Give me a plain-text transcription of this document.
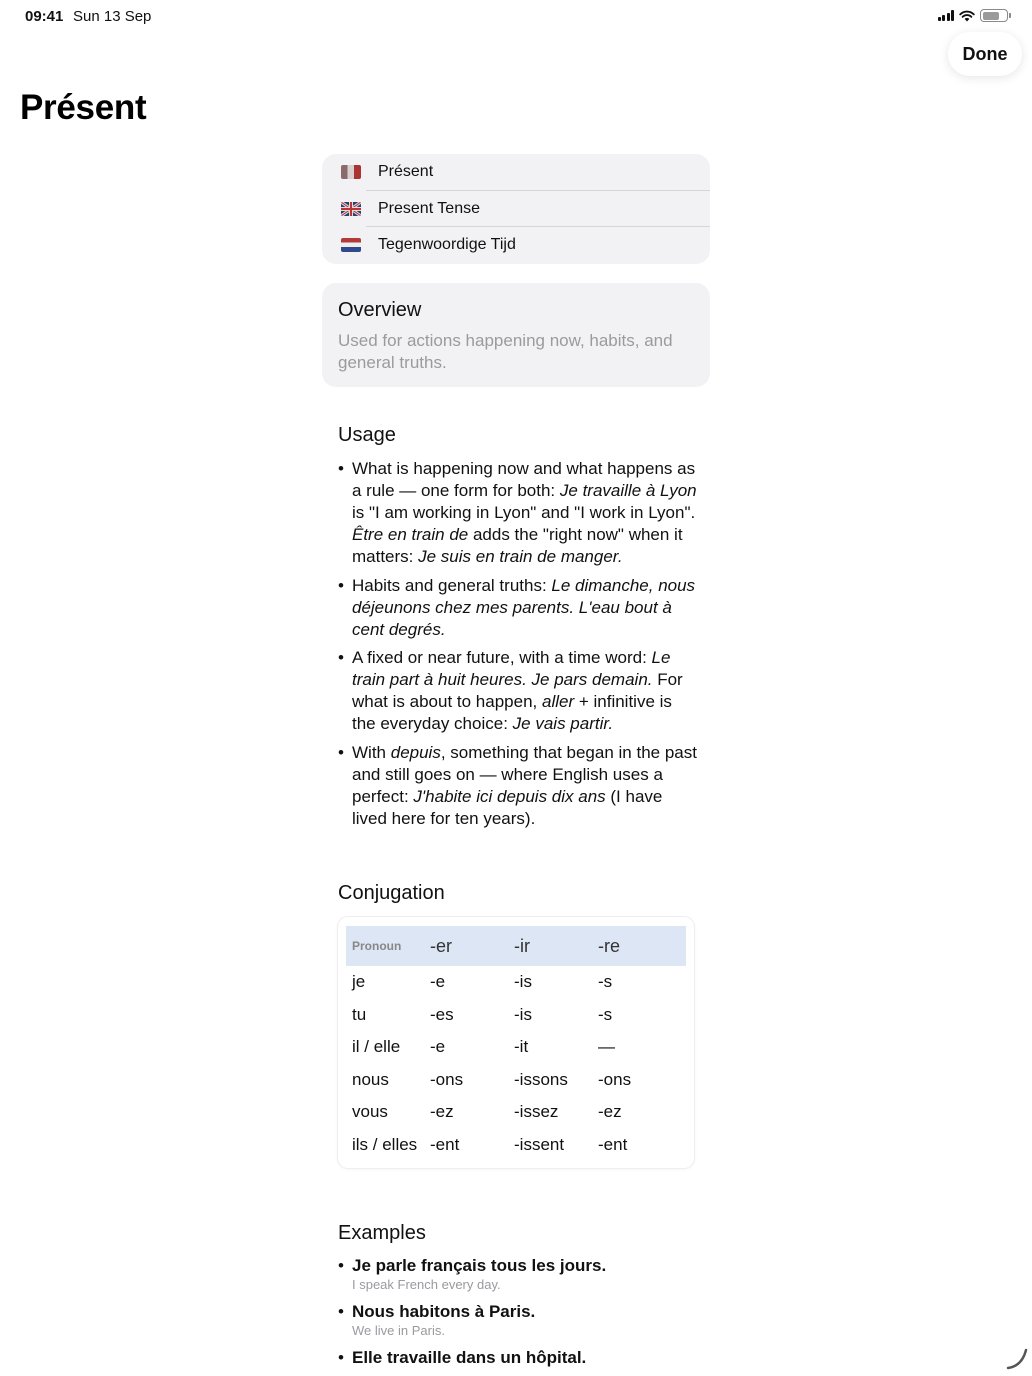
09:41 Sun 13 Sep
Done
Présent
Présent
Present Tense
Tegenwoordige Tijd
Overview
Used for actions happening now, habits, and general truths.
Usage
• What is happening now and what happens as a rule — one form for both: Je travaille à Lyon is "I am working in Lyon" and "I work in Lyon". Être en train de adds the "right now" when it matters: Je suis en train de manger.
• Habits and general truths: Le dimanche, nous déjeunons chez mes parents. L'eau bout à cent degrés.
• A fixed or near future, with a time word: Le train part à huit heures. Je pars demain. For what is about to happen, aller + infinitive is the everyday choice: Je vais partir.
• With depuis, something that began in the past and still goes on — where English uses a perfect: J'habite ici depuis dix ans (I have lived here for ten years).
Conjugation
Pronoun	-er	-ir	-re
je	-e	-is	-s
tu	-es	-is	-s
il / elle	-e	-it	—
nous	-ons	-issons	-ons
vous	-ez	-issez	-ez
ils / elles -ent	-issent	-ent
Examples
• Je parle français tous les jours.
I speak French every day.
• Nous habitons à Paris.
We live in Paris.
• Elle travaille dans un hôpital.
